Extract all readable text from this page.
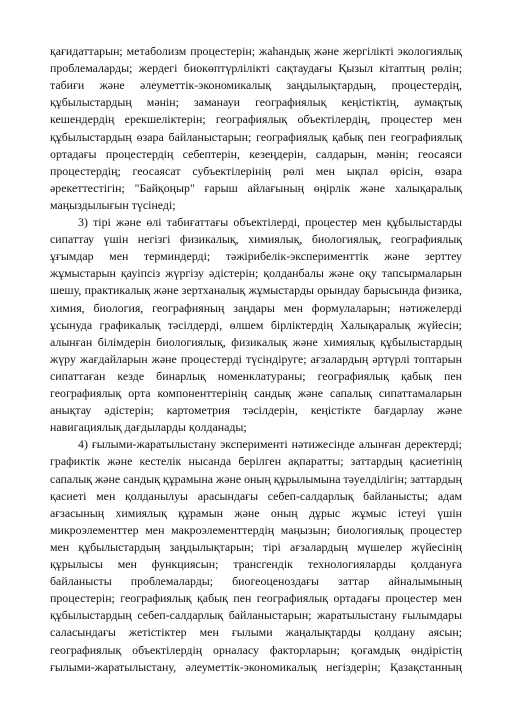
қағидаттарын; метаболизм процестерін; жаһандық және жергілікті экологиялық
проблемаларды; жердегі биокөптүрлілікті сақтаудағы Қызыл кітаптың рөлін;
табиғи және әлеуметтік-экономикалық заңдылықтардың, процестердің,
құбылыстардың мәнін; заманауи географиялық кеңістіктің, аумақтық
кешендердің ерекшеліктерін; географиялық объектілердің, процестер мен
құбылыстардың өзара байланыстарын; географиялық қабық пен географиялық
ортадағы процестердің себептерін, кезеңдерін, салдарын, мәнін; геосаяси
процестердің; геосаясат субъектілерінің рөлі мен ықпал өрісін, өзара
әрекеттестігін; "Байқоңыр" ғарыш айлағының өңірлік және халықаралық
маңыздылығын түсінеді;
3) тірі және өлі табиғаттағы объектілерді, процестер мен құбылыстарды
сипаттау үшін негізгі физикалық, химиялық, биологиялық, географиялық
ұғымдар мен терминдерді; тәжірибелік-эксперименттік және зерттеу
жұмыстарын қауіпсіз жүргізу әдістерін; қолданбалы және оқу тапсырмаларын
шешу, практикалық және зертханалық жұмыстарды орындау барысында физика,
химия, биология, географияның заңдары мен формулаларын; нәтижелерді
ұсынуда графикалық тәсілдерді, өлшем бірліктердің Халықаралық жүйесін;
алынған білімдерін биологиялық, физикалық және химиялық құбылыстардың
жүру жағдайларын және процестерді түсіндіруге; ағзалардың әртүрлі топтарын
сипаттаған кезде бинарлық номенклатураны; географиялық қабық пен
географиялық орта компоненттерінің сандық және сапалық сипаттамаларын
анықтау әдістерін; картометрия тәсілдерін, кеңістікте бағдарлау және
навигациялық дағдыларды қолданады;
4) ғылыми-жаратылыстану эксперименті нәтижесінде алынған деректерді;
графиктік және кестелік нысанда берілген ақпаратты; заттардың қасиетінің
сапалық және сандық құрамына және оның құрылымына тәуелділігін; заттардың
қасиеті мен қолданылуы арасындағы себеп-салдарлық байланысты; адам
ағзасының химиялық құрамын және оның дұрыс жұмыс істеуі үшін
микроэлементтер мен макроэлементтердің маңызын; биологиялық процестер
мен құбылыстардың заңдылықтарын; тірі ағзалардың мүшелер жүйесінің
құрылысы мен функциясын; трансгендік технологияларды қолдануға
байланысты проблемаларды; биогеоценоздағы заттар айналымының
процестерін; географиялық қабық пен географиялық ортадағы процестер мен
құбылыстардың себеп-салдарлық байланыстарын; жаратылыстану ғылымдары
саласындағы жетістіктер мен ғылыми жаңалықтарды қолдану аясын;
географиялық объектілердің орналасу факторларын; қоғамдық өндірістің
ғылыми-жаратылыстану, әлеуметтік-экономикалық негіздерін; Қазақстанның
